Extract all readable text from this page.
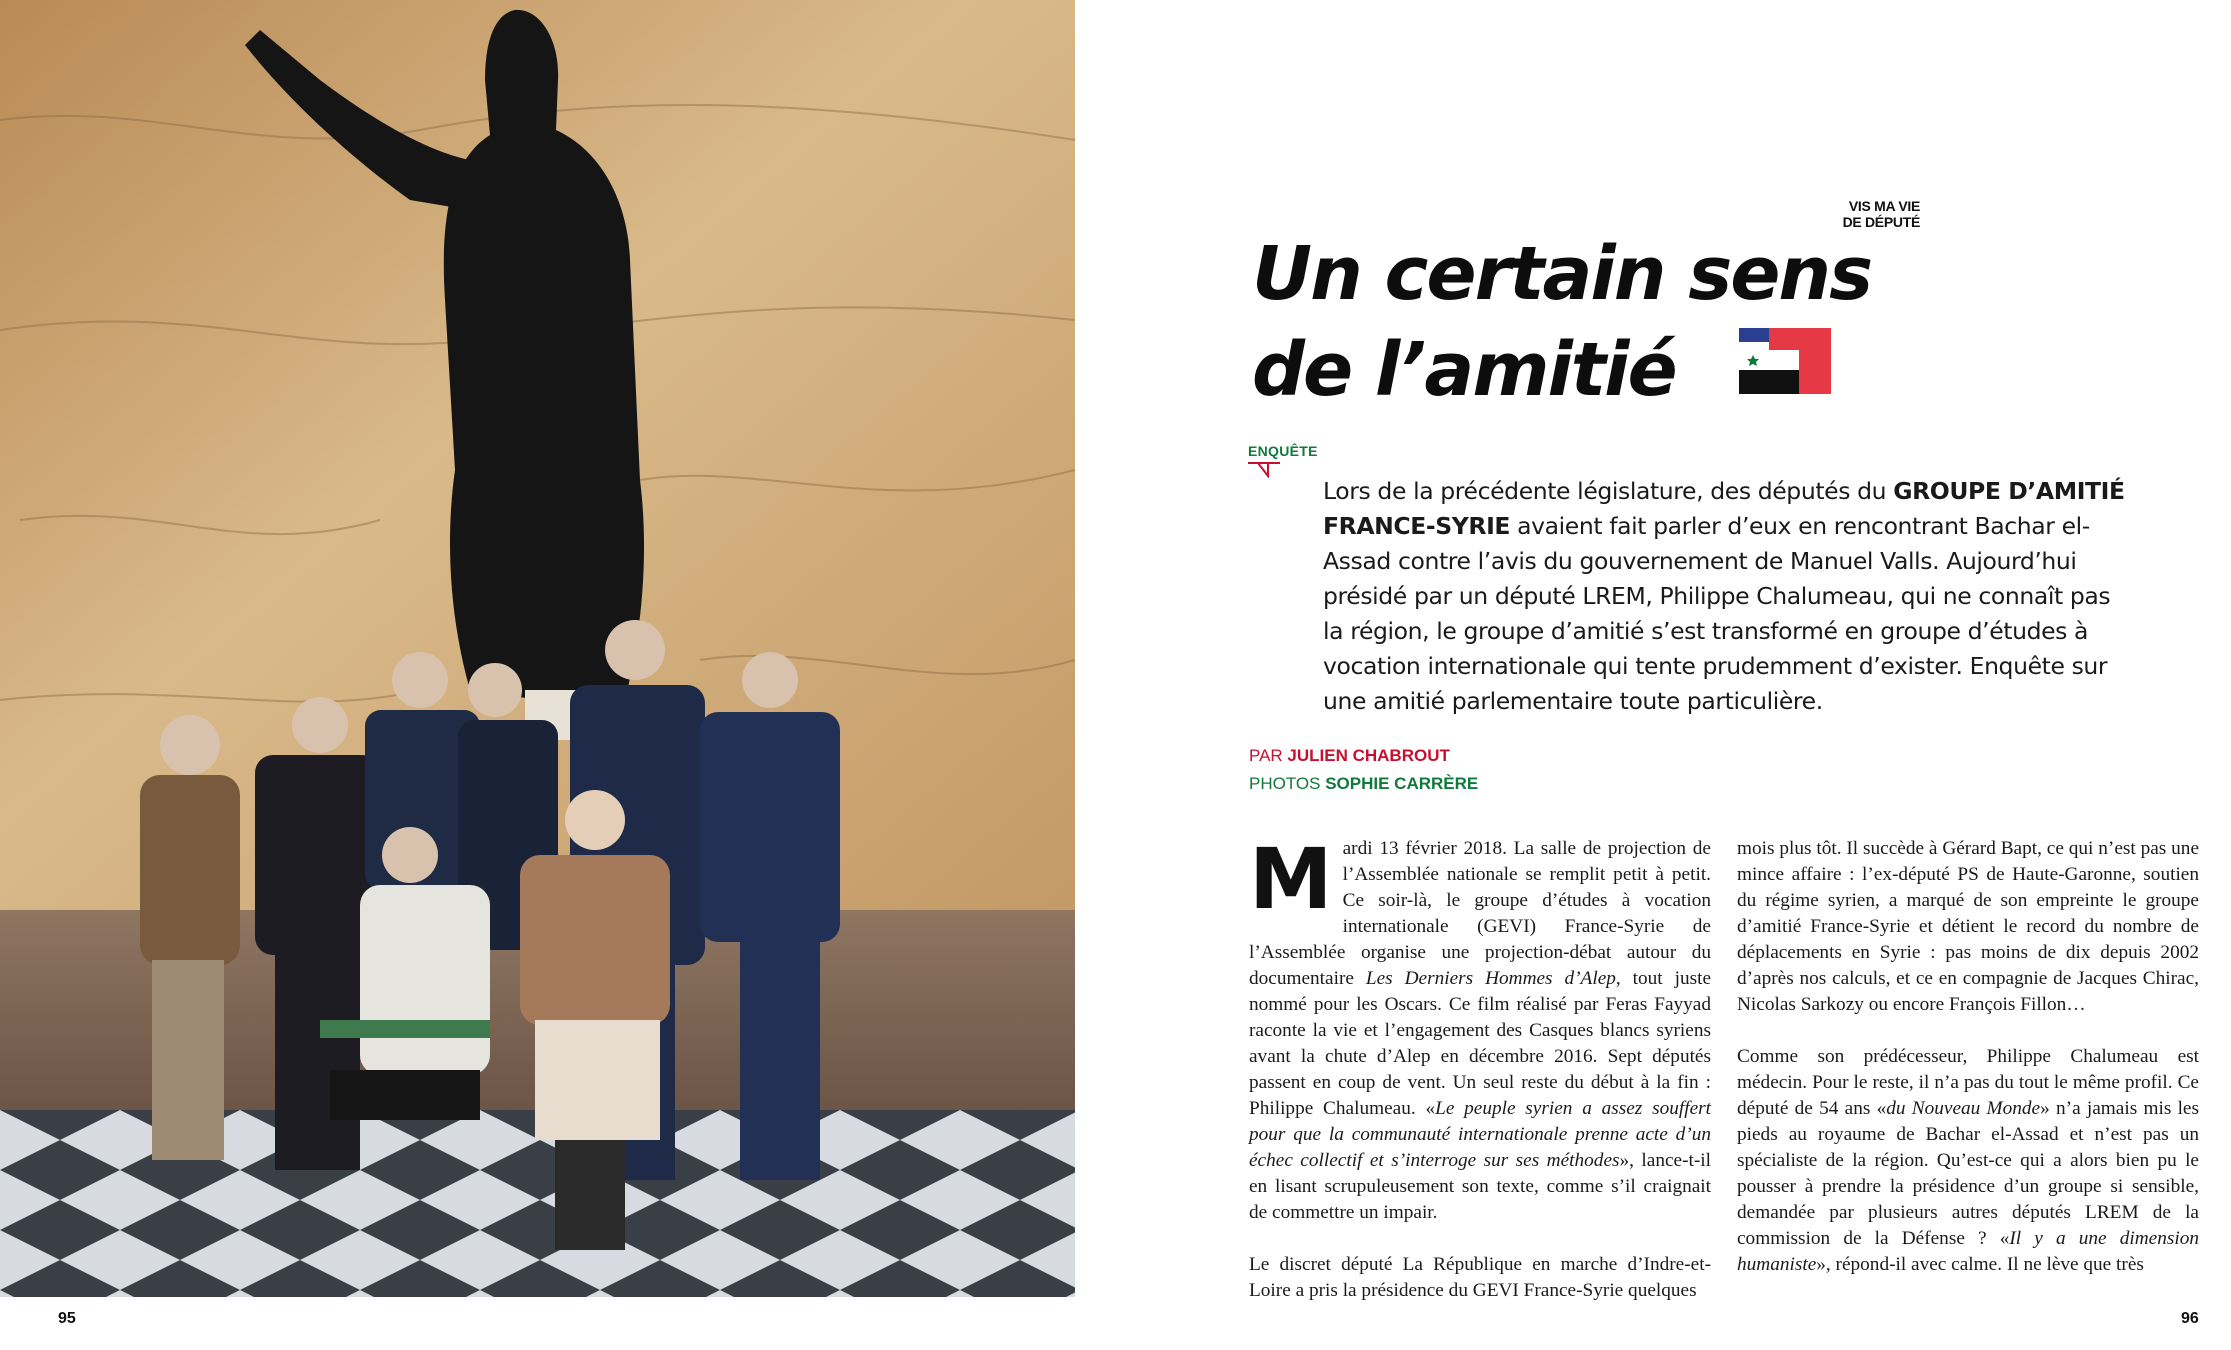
95
VIS MA VIE
DE DÉPUTÉ
Un certain sens
de l’amitié
ENQUÊTE

Lors de la précédente législature, des députés du GROUPE D’AMITIÉ FRANCE-SYRIE avaient fait parler d’eux en rencontrant Bachar el-Assad contre l’avis du gouvernement de Manuel Valls. Aujourd’hui présidé par un député LREM, Philippe Chalumeau, qui ne connaît pas la région, le groupe d’amitié s’est transformé en groupe d’études à vocation internationale qui tente prudemment d’exister. Enquête sur une amitié parlementaire toute particulière.

PAR JULIEN CHABROUT
PHOTOS SOPHIE CARRÈRE

Mardi 13 février 2018. La salle de projection de l’Assemblée nationale se remplit petit à petit. Ce soir-là, le groupe d’études à vocation internationale (GEVI) France-Syrie de l’Assemblée organise une projection-débat autour du documentaire Les Derniers Hommes d’Alep, tout juste nommé pour les Oscars. Ce film réalisé par Feras Fayyad raconte la vie et l’engagement des Casques blancs syriens avant la chute d’Alep en décembre 2016. Sept députés passent en coup de vent. Un seul reste du début à la fin : Philippe Chalumeau. «Le peuple syrien a assez souffert pour que la communauté internationale prenne acte d’un échec collectif et s’interroge sur ses méthodes», lance-t-il en lisant scrupuleusement son texte, comme s’il craignait de commettre un impair.

Le discret député La République en marche d’Indre-et-Loire a pris la présidence du GEVI France-Syrie quelques

mois plus tôt. Il succède à Gérard Bapt, ce qui n’est pas une mince affaire : l’ex-député PS de Haute-Garonne, soutien du régime syrien, a marqué de son empreinte le groupe d’amitié France-Syrie et détient le record du nombre de déplacements en Syrie : pas moins de dix depuis 2002 d’après nos calculs, et ce en compagnie de Jacques Chirac, Nicolas Sarkozy ou encore François Fillon…

Comme son prédécesseur, Philippe Chalumeau est médecin. Pour le reste, il n’a pas du tout le même profil. Ce député de 54 ans «du Nouveau Monde» n’a jamais mis les pieds au royaume de Bachar el-Assad et n’est pas un spécialiste de la région. Qu’est-ce qui a alors bien pu le pousser à prendre la présidence d’un groupe si sensible, demandée par plusieurs autres députés LREM de la commission de la Défense ? «Il y a une dimension humaniste», répond-il avec calme. Il ne lève que très

96
